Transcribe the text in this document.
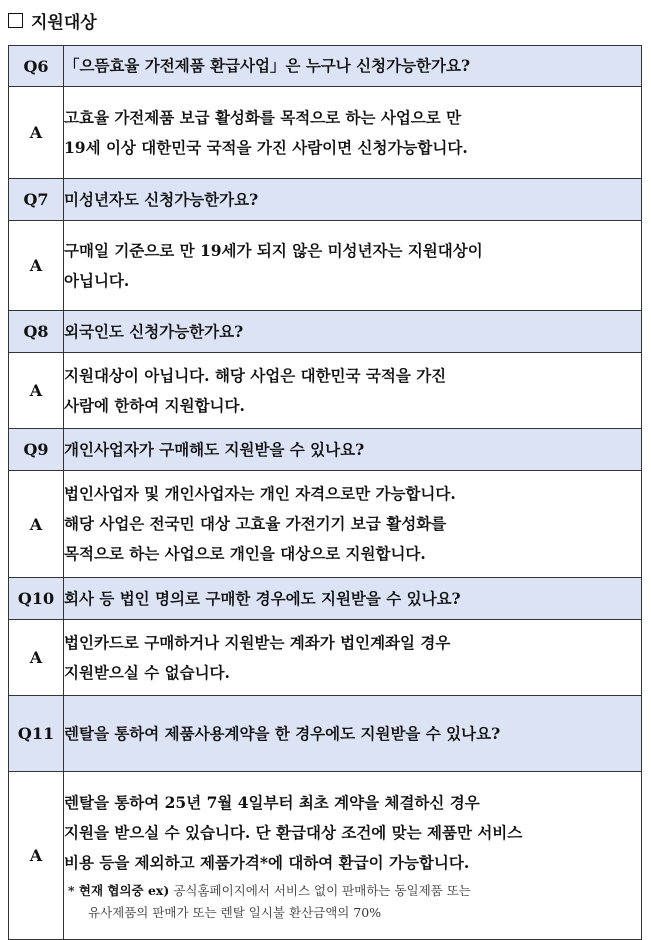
지원대상
Q6	「으뜸효율 가전제품 환급사업」은 누구나 신청가능한가요?
A	고효율 가전제품 보급 활성화를 목적으로 하는 사업으로 만
19세 이상 대한민국 국적을 가진 사람이면 신청가능합니다.

Q7	미성년자도 신청가능한가요?
A	구매일 기준으로 만 19세가 되지 않은 미성년자는 지원대상이
아닙니다.

Q8	외국인도 신청가능한가요?
A	지원대상이 아닙니다. 해당 사업은 대한민국 국적을 가진
사람에 한하여 지원합니다.

Q9	개인사업자가 구매해도 지원받을 수 있나요?
A	법인사업자 및 개인사업자는 개인 자격으로만 가능합니다.
해당 사업은 전국민 대상 고효율 가전기기 보급 활성화를
목적으로 하는 사업으로 개인을 대상으로 지원합니다.

Q10	회사 등 법인 명의로 구매한 경우에도 지원받을 수 있나요?
A	법인카드로 구매하거나 지원받는 계좌가 법인계좌일 경우
지원받으실 수 없습니다.

Q11	렌탈을 통하여 제품사용계약을 한 경우에도 지원받을 수 있나요?
A	렌탈을 통하여 25년 7월 4일부터 최초 계약을 체결하신 경우
지원을 받으실 수 있습니다. 단 환급대상 조건에 맞는 제품만 서비스
비용 등을 제외하고 제품가격*에 대하여 환급이 가능합니다.
* 현재 협의중 ex) 공식홈페이지에서 서비스 없이 판매하는 동일제품 또는
유사제품의 판매가 또는 렌탈 일시불 환산금액의 70%
